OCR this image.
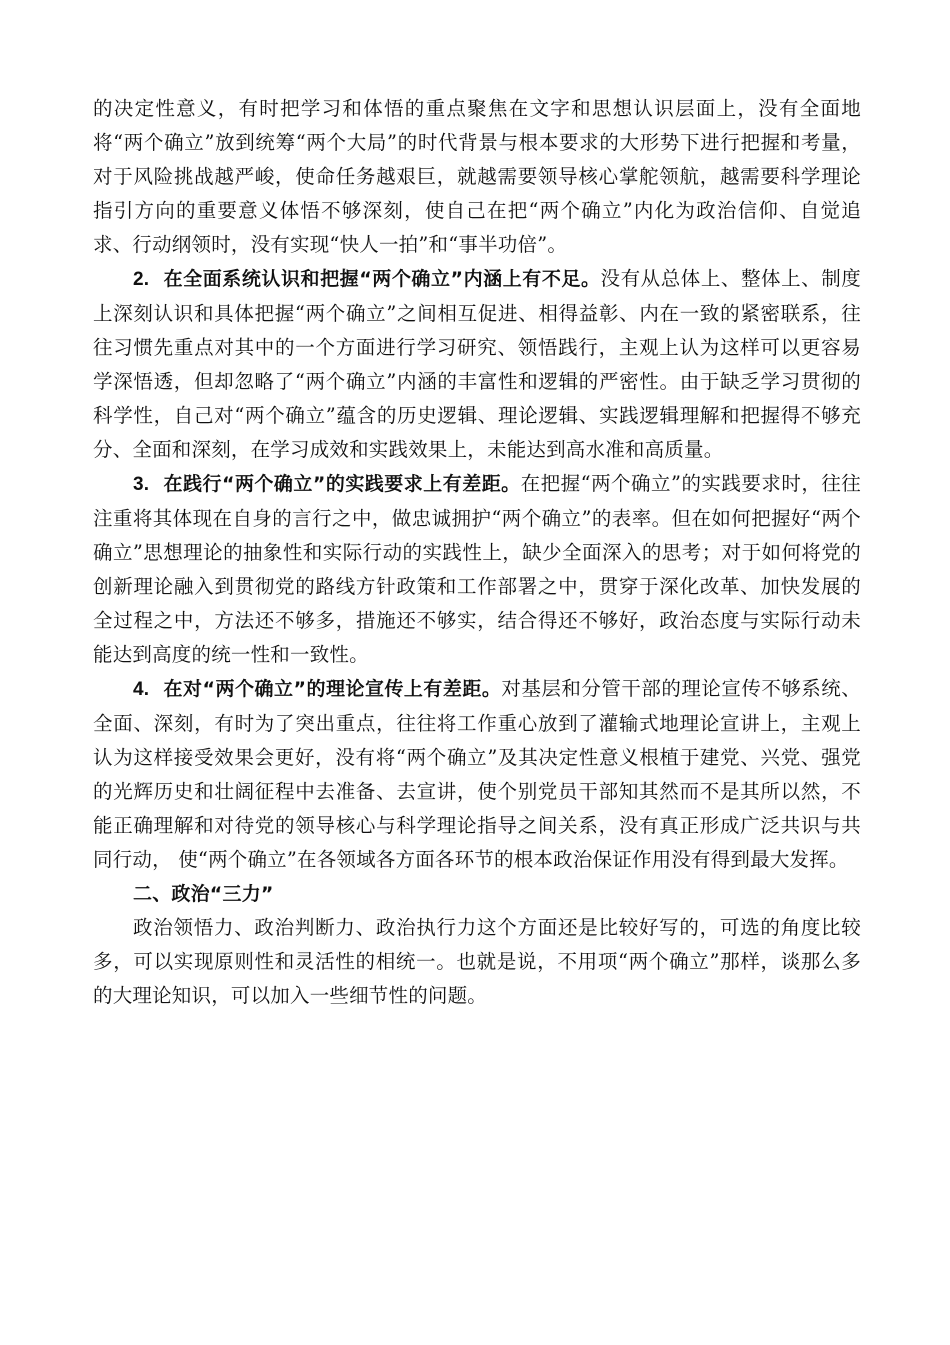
的决定性意义，有时把学习和体悟的重点聚焦在文字和思想认识层面上，没有全面地将“两个确立”放到统筹“两个大局”的时代背景与根本要求的大形势下进行把握和考量，对于风险挑战越严峻，使命任务越艰巨，就越需要领导核心掌舵领航，越需要科学理论指引方向的重要意义体悟不够深刻，使自己在把“两个确立”内化为政治信仰、自觉追求、行动纲领时，没有实现“快人一拍”和“事半功倍”。

2. 在全面系统认识和把握“两个确立”内涵上有不足。没有从总体上、整体上、制度上深刻认识和具体把握“两个确立”之间相互促进、相得益彰、内在一致的紧密联系，往往习惯先重点对其中的一个方面进行学习研究、领悟践行，主观上认为这样可以更容易学深悟透，但却忽略了“两个确立”内涵的丰富性和逻辑的严密性。由于缺乏学习贯彻的科学性，自己对“两个确立”蕴含的历史逻辑、理论逻辑、实践逻辑理解和把握得不够充分、全面和深刻，在学习成效和实践效果上，未能达到高水准和高质量。

3. 在践行“两个确立”的实践要求上有差距。在把握“两个确立”的实践要求时，往往注重将其体现在自身的言行之中，做忠诚拥护“两个确立”的表率。但在如何把握好“两个确立”思想理论的抽象性和实际行动的实践性上，缺少全面深入的思考；对于如何将党的创新理论融入到贯彻党的路线方针政策和工作部署之中，贯穿于深化改革、加快发展的全过程之中，方法还不够多，措施还不够实，结合得还不够好，政治态度与实际行动未能达到高度的统一性和一致性。

4. 在对“两个确立”的理论宣传上有差距。对基层和分管干部的理论宣传不够系统、全面、深刻，有时为了突出重点，往往将工作重心放到了灌输式地理论宣讲上，主观上认为这样接受效果会更好，没有将“两个确立”及其决定性意义根植于建党、兴党、强党的光辉历史和壮阔征程中去准备、去宣讲，使个别党员干部知其然而不是其所以然，不能正确理解和对待党的领导核心与科学理论指导之间关系，没有真正形成广泛共识与共同行动， 使“两个确立”在各领域各方面各环节的根本政治保证作用没有得到最大发挥。

二、政治“三力”

政治领悟力、政治判断力、政治执行力这个方面还是比较好写的，可选的角度比较多，可以实现原则性和灵活性的相统一。也就是说，不用项“两个确立”那样，谈那么多的大理论知识，可以加入一些细节性的问题。
